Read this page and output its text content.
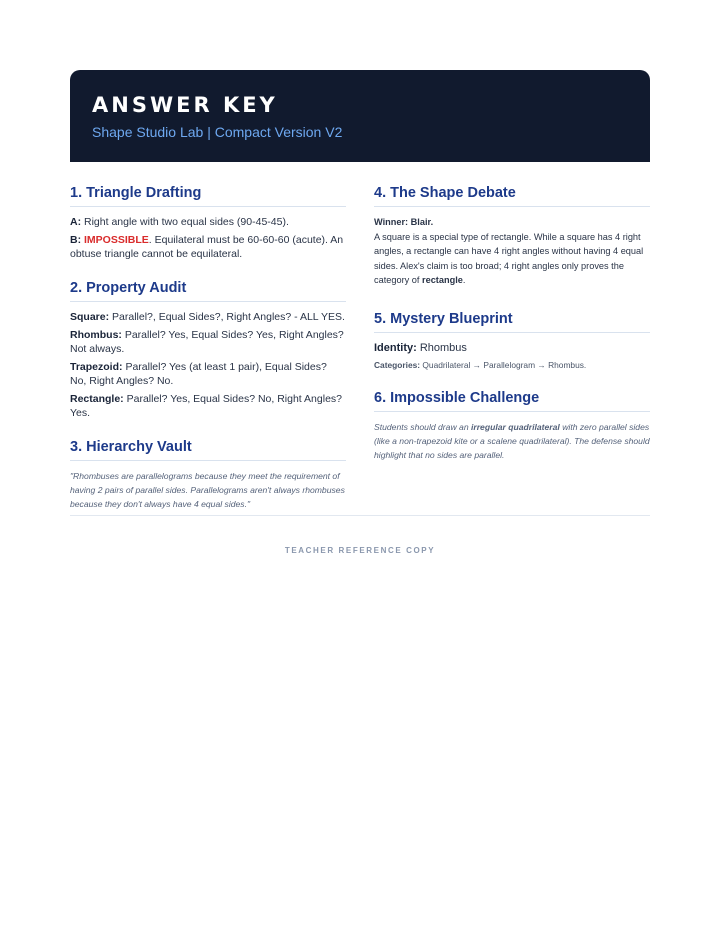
ANSWER KEY
Shape Studio Lab | Compact Version V2
1. Triangle Drafting
A: Right angle with two equal sides (90-45-45).
B: IMPOSSIBLE. Equilateral must be 60-60-60 (acute). An obtuse triangle cannot be equilateral.
2. Property Audit
Square: Parallel?, Equal Sides?, Right Angles? - ALL YES.
Rhombus: Parallel? Yes, Equal Sides? Yes, Right Angles? Not always.
Trapezoid: Parallel? Yes (at least 1 pair), Equal Sides? No, Right Angles? No.
Rectangle: Parallel? Yes, Equal Sides? No, Right Angles? Yes.
3. Hierarchy Vault
"Rhombuses are parallelograms because they meet the requirement of having 2 pairs of parallel sides. Parallelograms aren't always rhombuses because they don't always have 4 equal sides."
4. The Shape Debate
Winner: Blair.
A square is a special type of rectangle. While a square has 4 right angles, a rectangle can have 4 right angles without having 4 equal sides. Alex's claim is too broad; 4 right angles only proves the category of rectangle.
5. Mystery Blueprint
Identity: Rhombus
Categories: Quadrilateral → Parallelogram → Rhombus.
6. Impossible Challenge
Students should draw an irregular quadrilateral with zero parallel sides (like a non-trapezoid kite or a scalene quadrilateral). The defense should highlight that no sides are parallel.
TEACHER REFERENCE COPY
